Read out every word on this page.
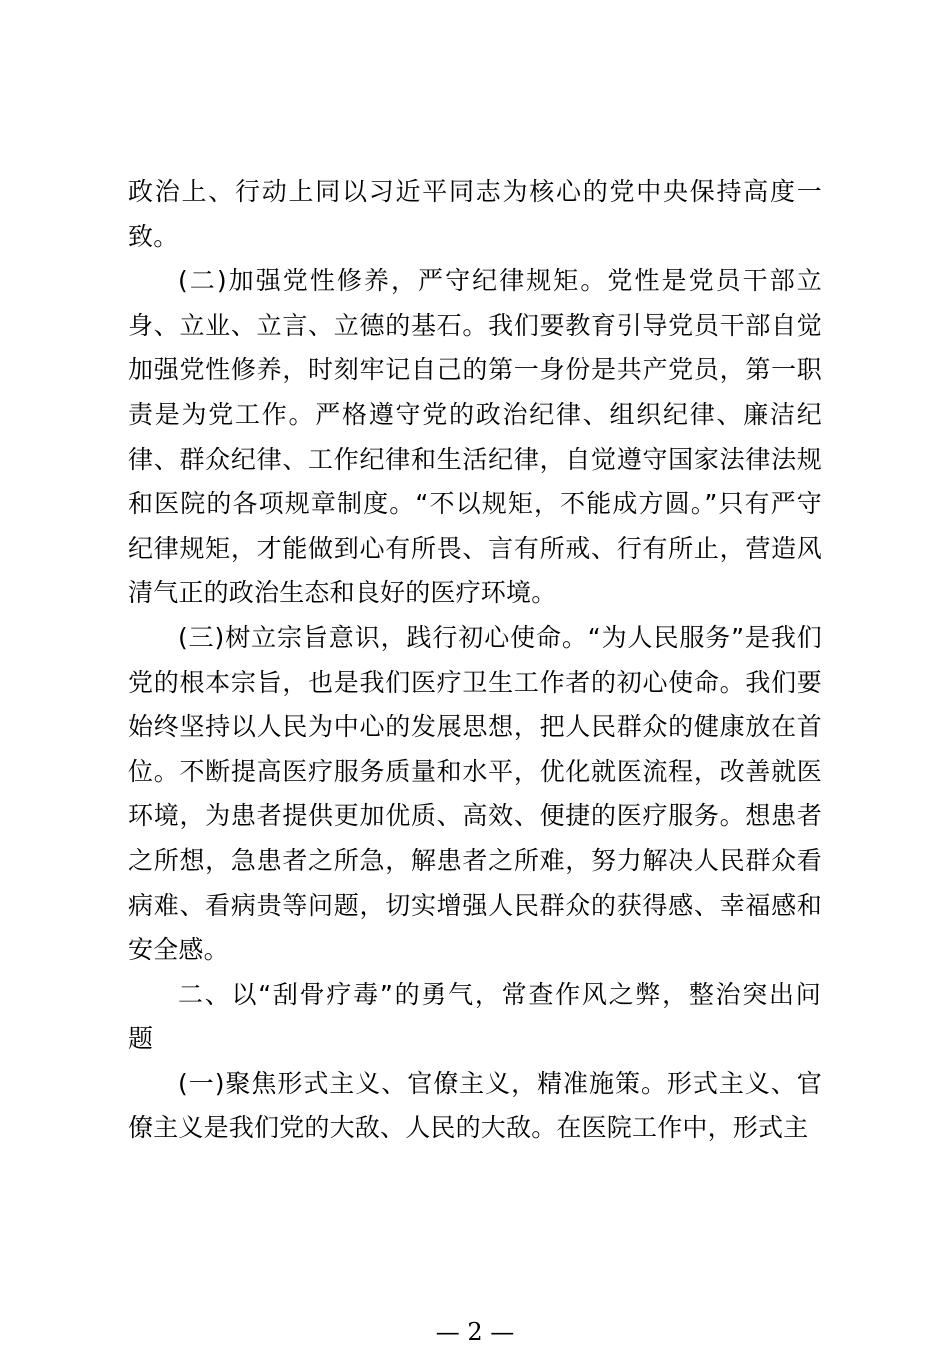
政治上、行动上同以习近平同志为核心的党中央保持高度一致。

(二)加强党性修养，严守纪律规矩。党性是党员干部立身、立业、立言、立德的基石。我们要教育引导党员干部自觉加强党性修养，时刻牢记自己的第一身份是共产党员，第一职责是为党工作。严格遵守党的政治纪律、组织纪律、廉洁纪律、群众纪律、工作纪律和生活纪律，自觉遵守国家法律法规和医院的各项规章制度。“不以规矩，不能成方圆。”只有严守纪律规矩，才能做到心有所畏、言有所戒、行有所止，营造风清气正的政治生态和良好的医疗环境。

(三)树立宗旨意识，践行初心使命。“为人民服务”是我们党的根本宗旨，也是我们医疗卫生工作者的初心使命。我们要始终坚持以人民为中心的发展思想，把人民群众的健康放在首位。不断提高医疗服务质量和水平，优化就医流程，改善就医环境，为患者提供更加优质、高效、便捷的医疗服务。想患者之所想，急患者之所急，解患者之所难，努力解决人民群众看病难、看病贵等问题，切实增强人民群众的获得感、幸福感和安全感。

二、以“刮骨疗毒”的勇气，常查作风之弊，整治突出问题

(一)聚焦形式主义、官僚主义，精准施策。形式主义、官僚主义是我们党的大敌、人民的大敌。在医院工作中，形式主

— 2 —
